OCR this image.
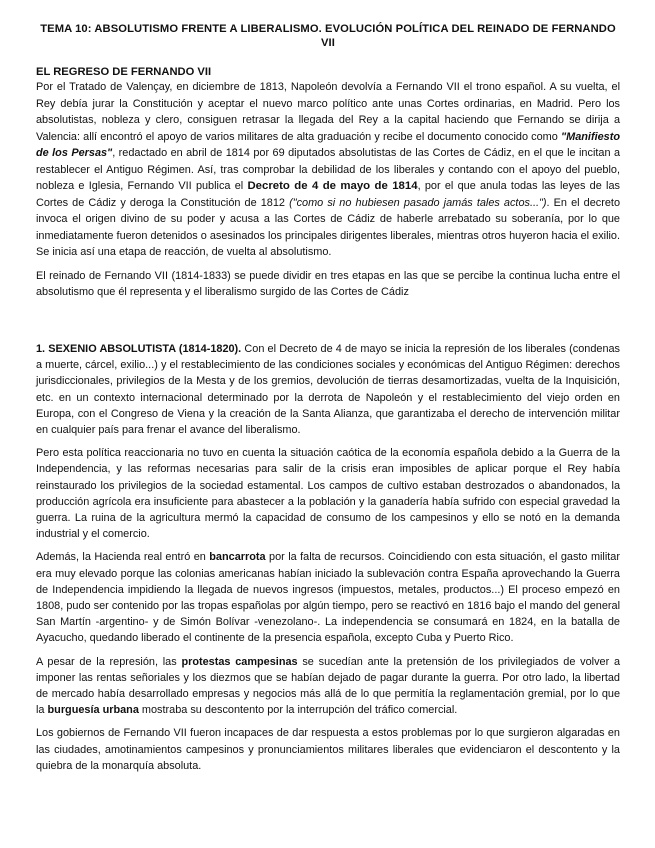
TEMA 10: ABSOLUTISMO FRENTE A LIBERALISMO. EVOLUCIÓN POLÍTICA DEL REINADO DE FERNANDO VII
EL REGRESO DE FERNANDO VII

Por el Tratado de Valençay, en diciembre de 1813, Napoleón devolvía a Fernando VII el trono español. A su vuelta, el Rey debía jurar la Constitución y aceptar el nuevo marco político ante unas Cortes ordinarias, en Madrid. Pero los absolutistas, nobleza y clero, consiguen retrasar la llegada del Rey a la capital haciendo que Fernando se dirija a Valencia: allí encontró el apoyo de varios militares de alta graduación y recibe el documento conocido como "Manifiesto de los Persas", redactado en abril de 1814 por 69 diputados absolutistas de las Cortes de Cádiz, en el que le incitan a restablecer el Antiguo Régimen. Así, tras comprobar la debilidad de los liberales y contando con el apoyo del pueblo, nobleza e Iglesia, Fernando VII publica el Decreto de 4 de mayo de 1814, por el que anula todas las leyes de las Cortes de Cádiz y deroga la Constitución de 1812 ("como si no hubiesen pasado jamás tales actos..."). En el decreto invoca el origen divino de su poder y acusa a las Cortes de Cádiz de haberle arrebatado su soberanía, por lo que inmediatamente fueron detenidos o asesinados los principales dirigentes liberales, mientras otros huyeron hacia el exilio. Se inicia así una etapa de reacción, de vuelta al absolutismo.

El reinado de Fernando VII (1814-1833) se puede dividir en tres etapas en las que se percibe la continua lucha entre el absolutismo que él representa y el liberalismo surgido de las Cortes de Cádiz

1. SEXENIO ABSOLUTISTA (1814-1820). Con el Decreto de 4 de mayo se inicia la represión de los liberales (condenas a muerte, cárcel, exilio...) y el restablecimiento de las condiciones sociales y económicas del Antiguo Régimen: derechos jurisdiccionales, privilegios de la Mesta y de los gremios, devolución de tierras desamortizadas, vuelta de la Inquisición, etc. en un contexto internacional determinado por la derrota de Napoleón y el restablecimiento del viejo orden en Europa, con el Congreso de Viena y la creación de la Santa Alianza, que garantizaba el derecho de intervención militar en cualquier país para frenar el avance del liberalismo.

Pero esta política reaccionaria no tuvo en cuenta la situación caótica de la economía española debido a la Guerra de la Independencia, y las reformas necesarias para salir de la crisis eran imposibles de aplicar porque el Rey había reinstaurado los privilegios de la sociedad estamental. Los campos de cultivo estaban destrozados o abandonados, la producción agrícola era insuficiente para abastecer a la población y la ganadería había sufrido con especial gravedad la guerra. La ruina de la agricultura mermó la capacidad de consumo de los campesinos y ello se notó en la demanda industrial y el comercio.

Además, la Hacienda real entró en bancarrota por la falta de recursos. Coincidiendo con esta situación, el gasto militar era muy elevado porque las colonias americanas habían iniciado la sublevación contra España aprovechando la Guerra de Independencia impidiendo la llegada de nuevos ingresos (impuestos, metales, productos...) El proceso empezó en 1808, pudo ser contenido por las tropas españolas por algún tiempo, pero se reactivó en 1816 bajo el mando del general San Martín -argentino- y de Simón Bolívar -venezolano-. La independencia se consumará en 1824, en la batalla de Ayacucho, quedando liberado el continente de la presencia española, excepto Cuba y Puerto Rico.

A pesar de la represión, las protestas campesinas se sucedían ante la pretensión de los privilegiados de volver a imponer las rentas señoriales y los diezmos que se habían dejado de pagar durante la guerra. Por otro lado, la libertad de mercado había desarrollado empresas y negocios más allá de lo que permitía la reglamentación gremial, por lo que la burguesía urbana mostraba su descontento por la interrupción del tráfico comercial.

Los gobiernos de Fernando VII fueron incapaces de dar respuesta a estos problemas por lo que surgieron algaradas en las ciudades, amotinamientos campesinos y pronunciamientos militares liberales que evidenciaron el descontento y la quiebra de la monarquía absoluta.
